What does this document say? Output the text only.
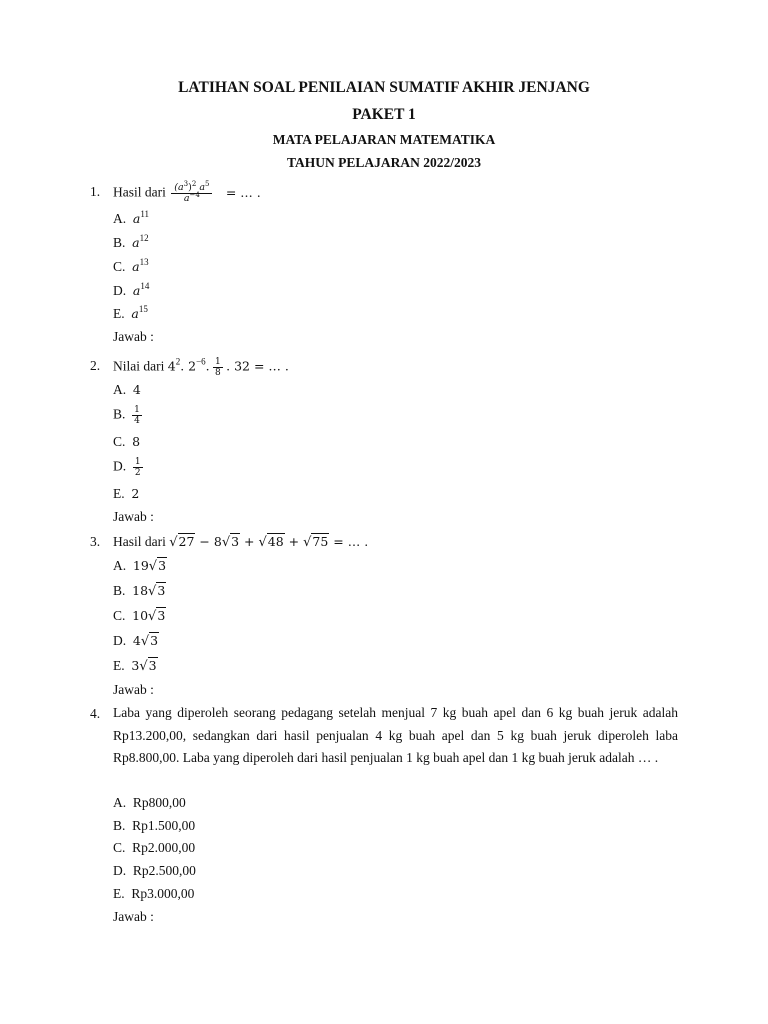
LATIHAN SOAL PENILAIAN SUMATIF AKHIR JENJANG
PAKET 1
MATA PELAJARAN MATEMATIKA
TAHUN PELAJARAN 2022/2023
1. Hasil dari $\frac{(a^3)^2 a^5}{a^{-4}}$ = … .
A. $a^{11}$
B. $a^{12}$
C. $a^{13}$
D. $a^{14}$
E. $a^{15}$
Jawab :
2. Nilai dari $4^2$. $2^{-6}$. $\frac{1}{8}$ . 32 = … .
A. 4
B. $\frac{1}{4}$
C. 8
D. $\frac{1}{2}$
E. 2
Jawab :
3. Hasil dari √27 − 8√3 + √48 + √75 = … .
A. 19√3
B. 18√3
C. 10√3
D. 4√3
E. 3√3
Jawab :
4. Laba yang diperoleh seorang pedagang setelah menjual 7 kg buah apel dan 6 kg buah jeruk adalah Rp13.200,00, sedangkan dari hasil penjualan 4 kg buah apel dan 5 kg buah jeruk diperoleh laba Rp8.800,00. Laba yang diperoleh dari hasil penjualan 1 kg buah apel dan 1 kg buah jeruk adalah … .
A. Rp800,00
B. Rp1.500,00
C. Rp2.000,00
D. Rp2.500,00
E. Rp3.000,00
Jawab :
